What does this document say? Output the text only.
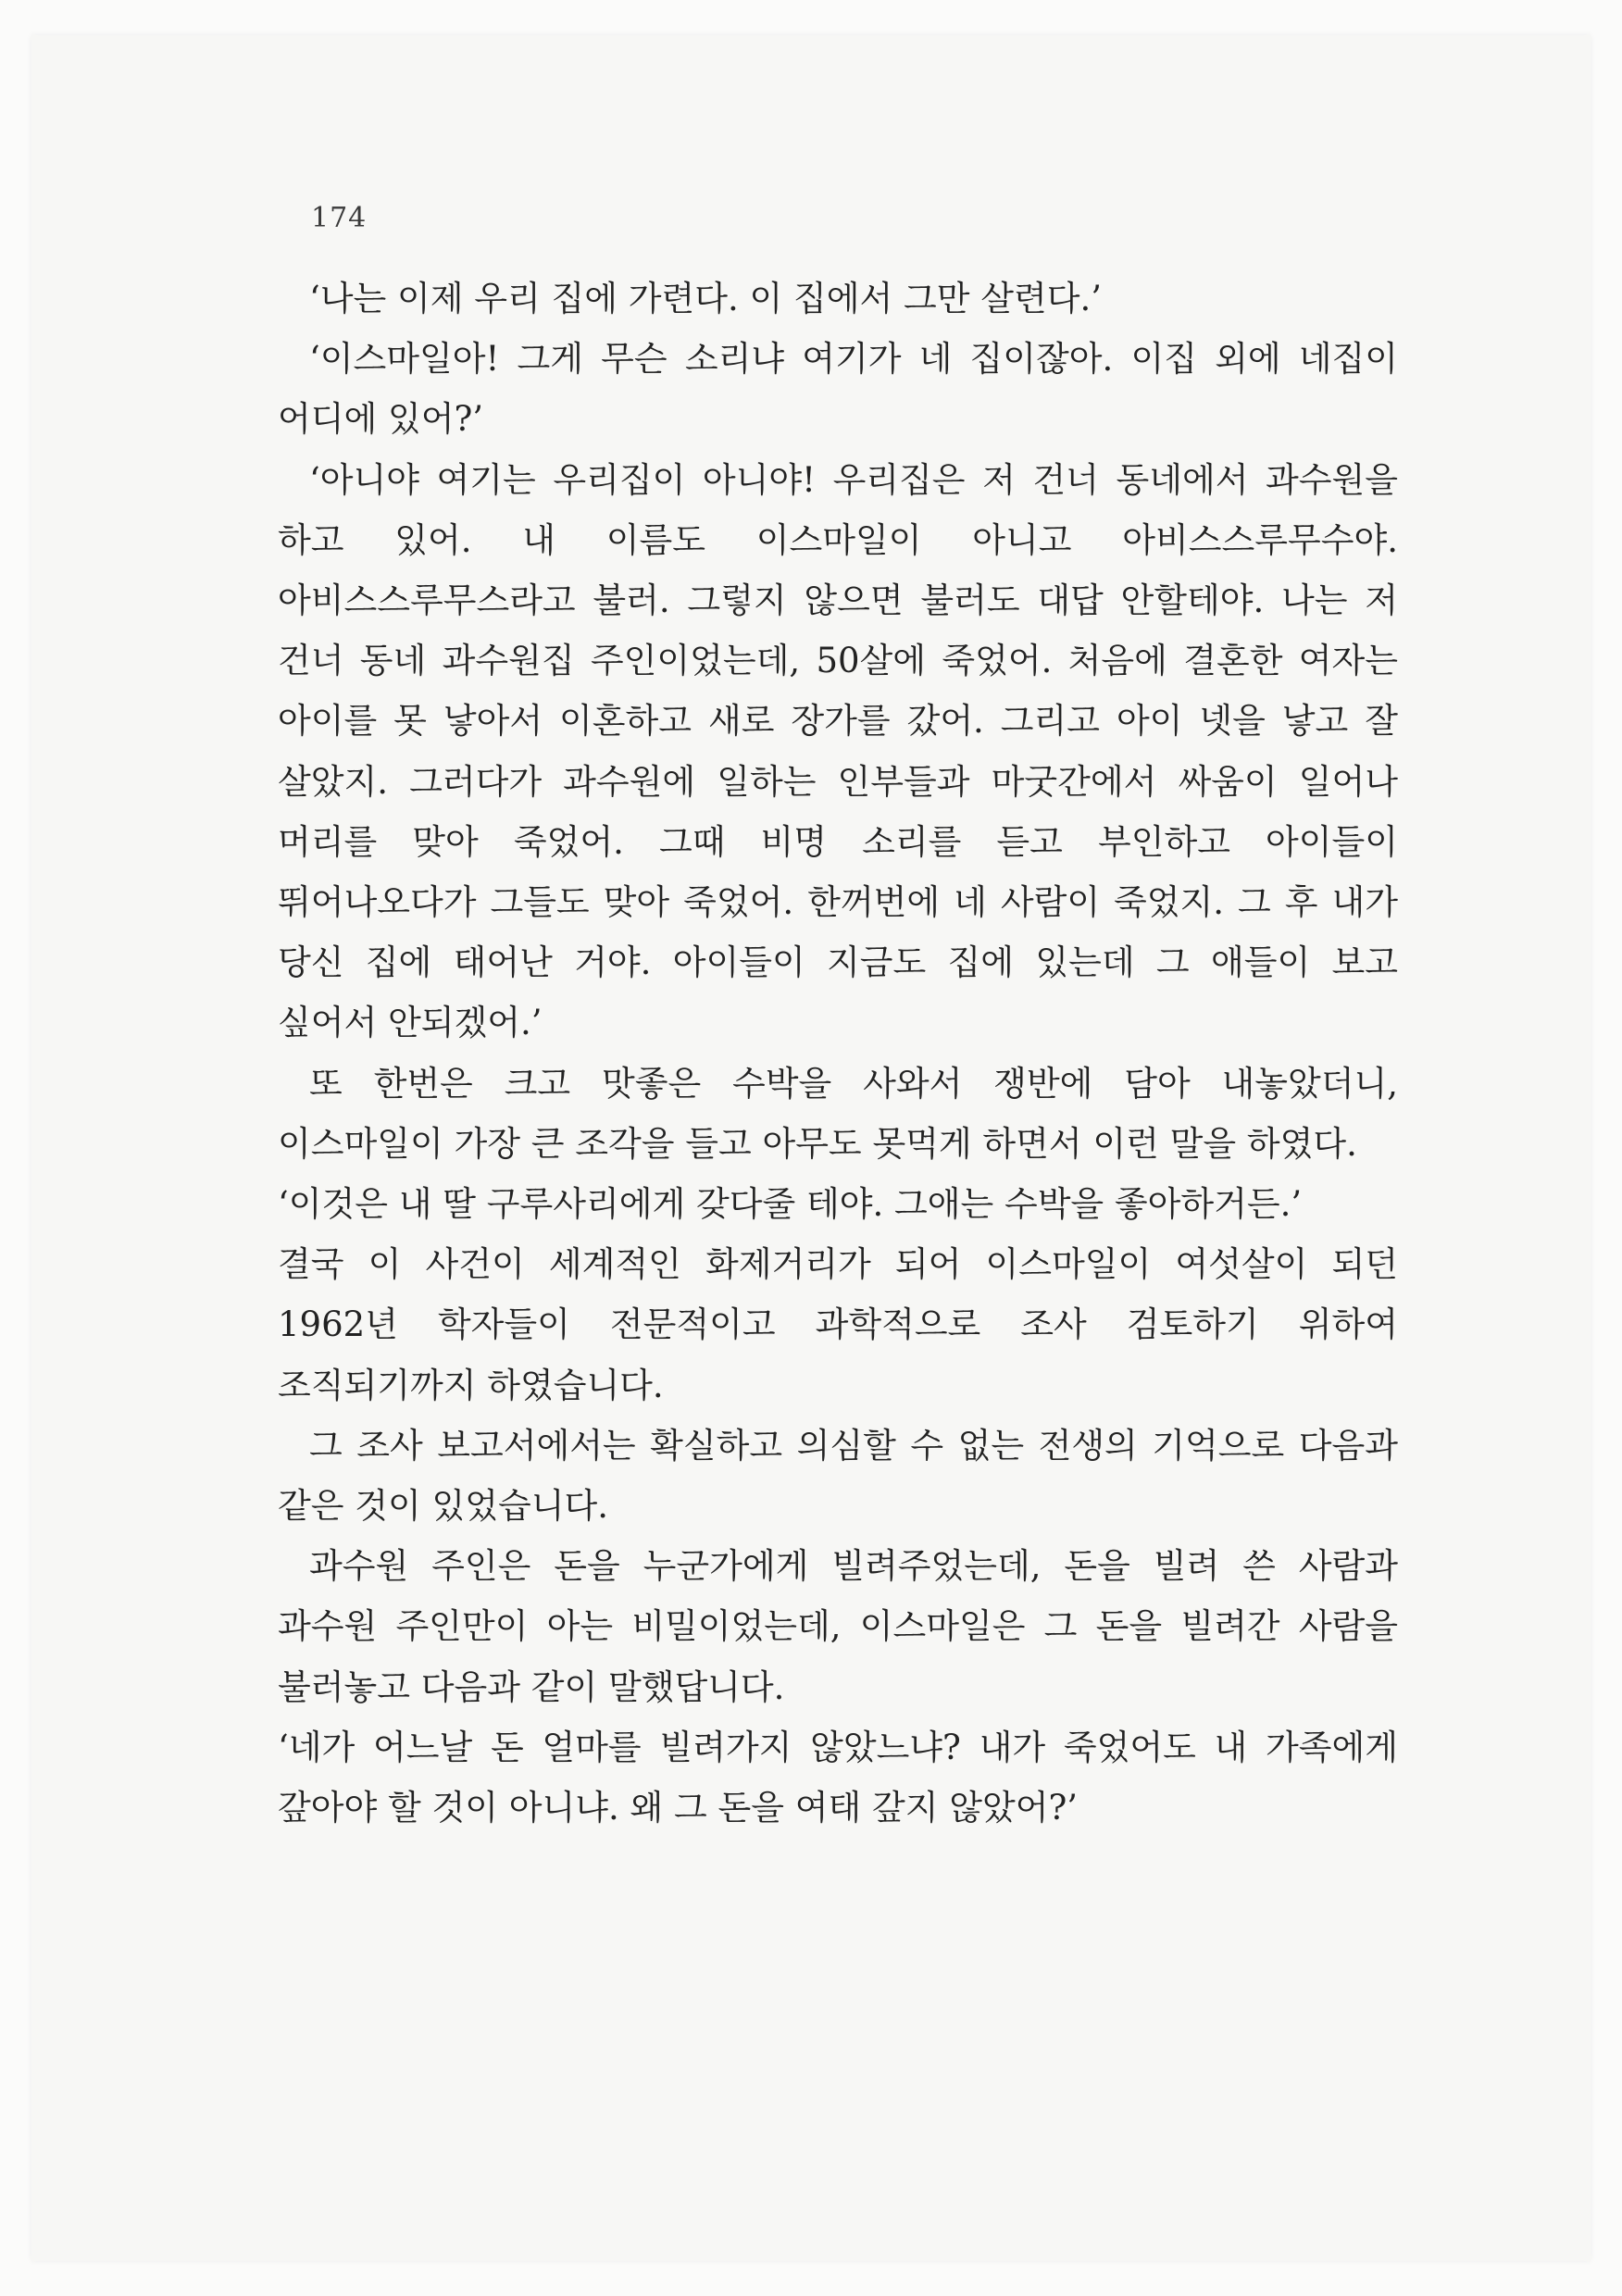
174

‘나는 이제 우리 집에 가련다. 이 집에서 그만 살련다.’

‘이스마일아! 그게 무슨 소리냐 여기가 네 집이잖아. 이집 외에 네집이 어디에 있어?’

‘아니야 여기는 우리집이 아니야! 우리집은 저 건너 동네에서 과수원을 하고 있어. 내 이름도 이스마일이 아니고 아비스스루무수야. 아비스스루무스라고 불러. 그렇지 않으면 불러도 대답 안할테야. 나는 저 건너 동네 과수원집 주인이었는데, 50살에 죽었어. 처음에 결혼한 여자는 아이를 못 낳아서 이혼하고 새로 장가를 갔어. 그리고 아이 넷을 낳고 잘 살았지. 그러다가 과수원에 일하는 인부들과 마굿간에서 싸움이 일어나 머리를 맞아 죽었어. 그때 비명 소리를 듣고 부인하고 아이들이 뛰어나오다가 그들도 맞아 죽었어. 한꺼번에 네 사람이 죽었지. 그 후 내가 당신 집에 태어난 거야. 아이들이 지금도 집에 있는데 그 애들이 보고 싶어서 안되겠어.’

또 한번은 크고 맛좋은 수박을 사와서 쟁반에 담아 내놓았더니, 이스마일이 가장 큰 조각을 들고 아무도 못먹게 하면서 이런 말을 하였다.

‘이것은 내 딸 구루사리에게 갖다줄 테야. 그애는 수박을 좋아하거든.’

결국 이 사건이 세계적인 화제거리가 되어 이스마일이 여섯살이 되던 1962년 학자들이 전문적이고 과학적으로 조사 검토하기 위하여 조직되기까지 하였습니다.

그 조사 보고서에서는 확실하고 의심할 수 없는 전생의 기억으로 다음과 같은 것이 있었습니다.

과수원 주인은 돈을 누군가에게 빌려주었는데, 돈을 빌려 쓴 사람과 과수원 주인만이 아는 비밀이었는데, 이스마일은 그 돈을 빌려간 사람을 불러놓고 다음과 같이 말했답니다.

‘네가 어느날 돈 얼마를 빌려가지 않았느냐? 내가 죽었어도 내 가족에게 갚아야 할 것이 아니냐. 왜 그 돈을 여태 갚지 않았어?’
